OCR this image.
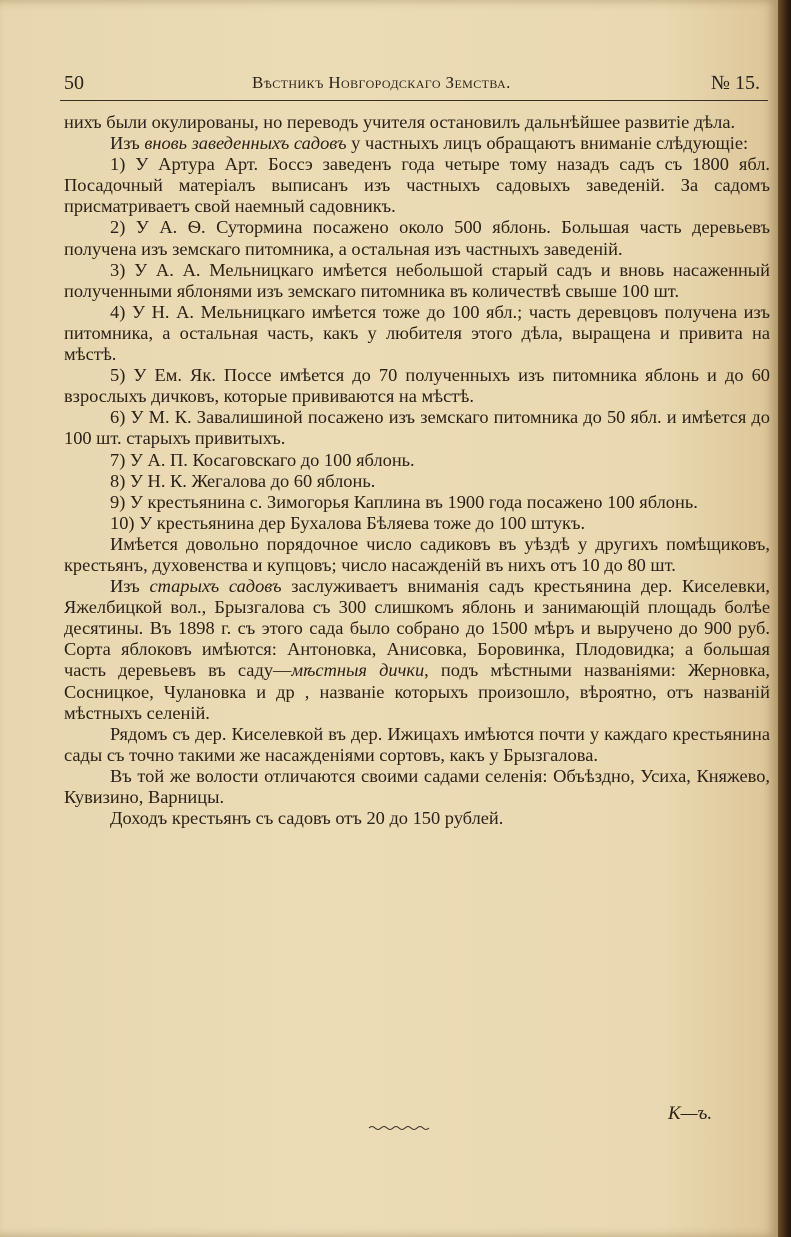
50	Вѣстникъ Новгородскаго Земства.	№ 15.

нихъ были окулированы, но переводъ учителя остановилъ дальнѣйшее развитіе дѣла.

Изъ вновь заведенныхъ садовъ у частныхъ лицъ обращаютъ вниманіе слѣдующіе:

1) У Артура Арт. Боссэ заведенъ года четыре тому назадъ садъ съ 1800 ябл. Посадочный матеріалъ выписанъ изъ частныхъ садовыхъ заведеній. За садомъ присматриваетъ свой наемный садовникъ.

2) У А. Ѳ. Сутормина посажено около 500 яблонь. Большая часть деревьевъ получена изъ земскаго питомника, а остальная изъ частныхъ заведеній.

3) У А. А. Мельницкаго имѣется небольшой старый садъ и вновь насаженный полученными яблонями изъ земскаго питомника въ количествѣ свыше 100 шт.

4) У Н. А. Мельницкаго имѣется тоже до 100 ябл.; часть деревцовъ получена изъ питомника, а остальная часть, какъ у любителя этого дѣла, выращена и привита на мѣстѣ.

5) У Ем. Як. Поссе имѣется до 70 полученныхъ изъ питомника яблонь и до 60 взрослыхъ дичковъ, которые прививаются на мѣстѣ.

6) У М. К. Завалишиной посажено изъ земскаго питомника до 50 ябл. и имѣется до 100 шт. старыхъ привитыхъ.

7) У А. П. Косаговскаго до 100 яблонь.

8) У Н. К. Жегалова до 60 яблонь.

9) У крестьянина с. Зимогорья Каплина въ 1900 года посажено 100 яблонь.

10) У крестьянина дер Бухалова Бѣляева тоже до 100 штукъ.

Имѣется довольно порядочное число садиковъ въ уѣздѣ у другихъ помѣщиковъ, крестьянъ, духовенства и купцовъ; число насажденій въ нихъ отъ 10 до 80 шт.

Изъ старыхъ садовъ заслуживаетъ вниманія садъ крестьянина дер. Киселевки, Яжелбицкой вол., Брызгалова съ 300 слишкомъ яблонь и занимающій площадь болѣе десятины. Въ 1898 г. съ этого сада было собрано до 1500 мѣръ и выручено до 900 руб. Сорта яблоковъ имѣются: Антоновка, Анисовка, Боровинка, Плодовидка; а большая часть деревьевъ въ саду—мѣстныя дички, подъ мѣстными названіями: Жерновка, Сосницкое, Чулановка и др , названіе которыхъ произошло, вѣроятно, отъ названій мѣстныхъ селеній.

Рядомъ съ дер. Киселевкой въ дер. Ижицахъ имѣются почти у каждаго крестьянина сады съ точно такими же насажденіями сортовъ, какъ у Брызгалова.

Въ той же волости отличаются своими садами селенія: Объѣздно, Усиха, Княжево, Кувизино, Варницы.

Доходъ крестьянъ съ садовъ отъ 20 до 150 рублей.

К—ъ.
